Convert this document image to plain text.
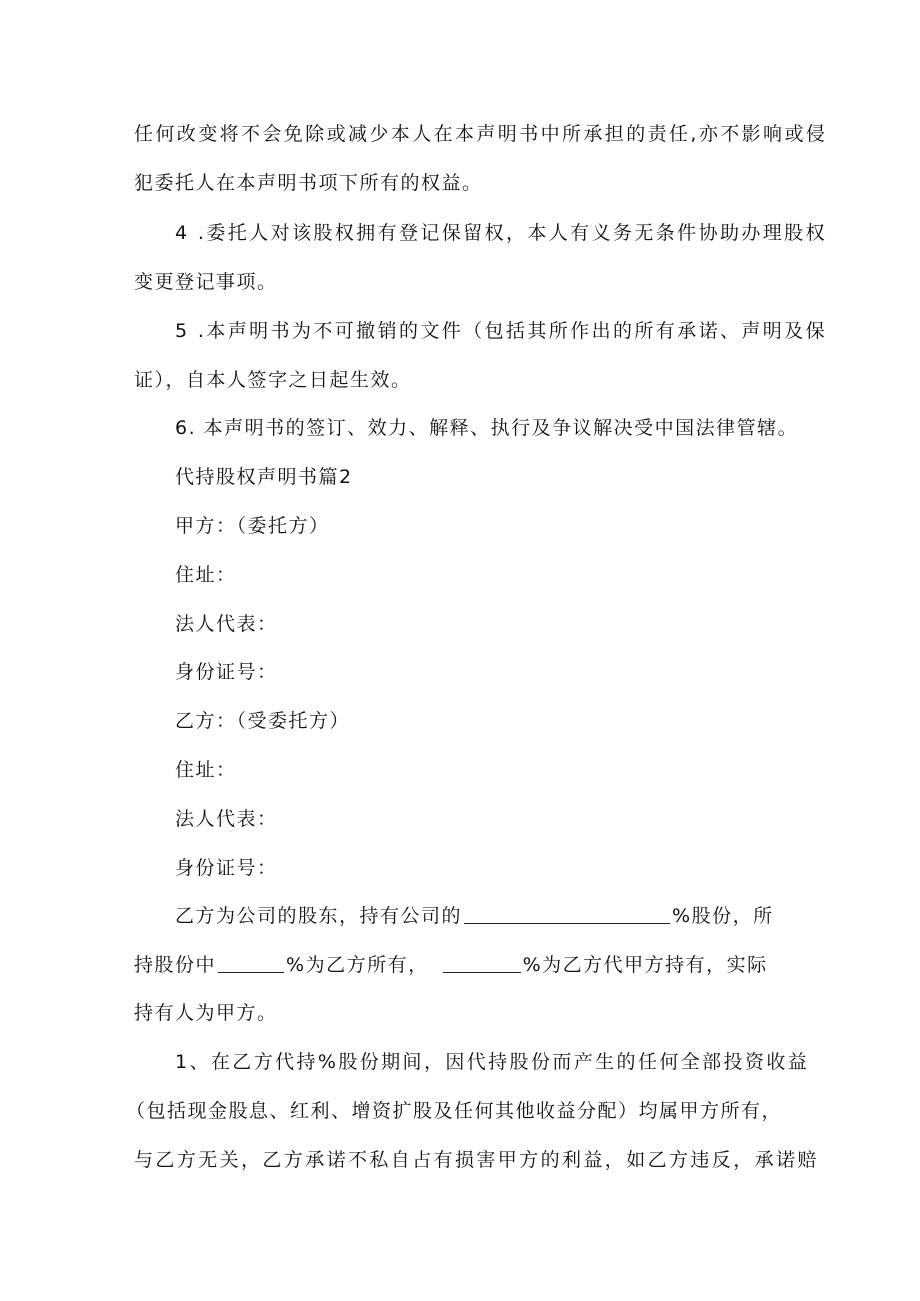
任何改变将不会免除或减少本人在本声明书中所承担的责任,亦不影响或侵

犯委托人在本声明书项下所有的权益。

4 .委托人对该股权拥有登记保留权，本人有义务无条件协助办理股权

变更登记事项。

5 .本声明书为不可撤销的文件（包括其所作出的所有承诺、声明及保

证），自本人签字之日起生效。

6. 本声明书的签订、效力、解释、执行及争议解决受中国法律管辖。

代持股权声明书篇2

甲方：（委托方）

住址：

法人代表：

身份证号：

乙方：（受委托方）

住址：

法人代表：

身份证号：

乙方为公司的股东，持有公司的	%股份，所

持股份中	%为乙方所有，	%为乙方代甲方持有，实际

持有人为甲方。

1、在乙方代持%股份期间，因代持股份而产生的任何全部投资收益

（包括现金股息、红利、增资扩股及任何其他收益分配）均属甲方所有，

与乙方无关，乙方承诺不私自占有损害甲方的利益，如乙方违反，承诺赔
